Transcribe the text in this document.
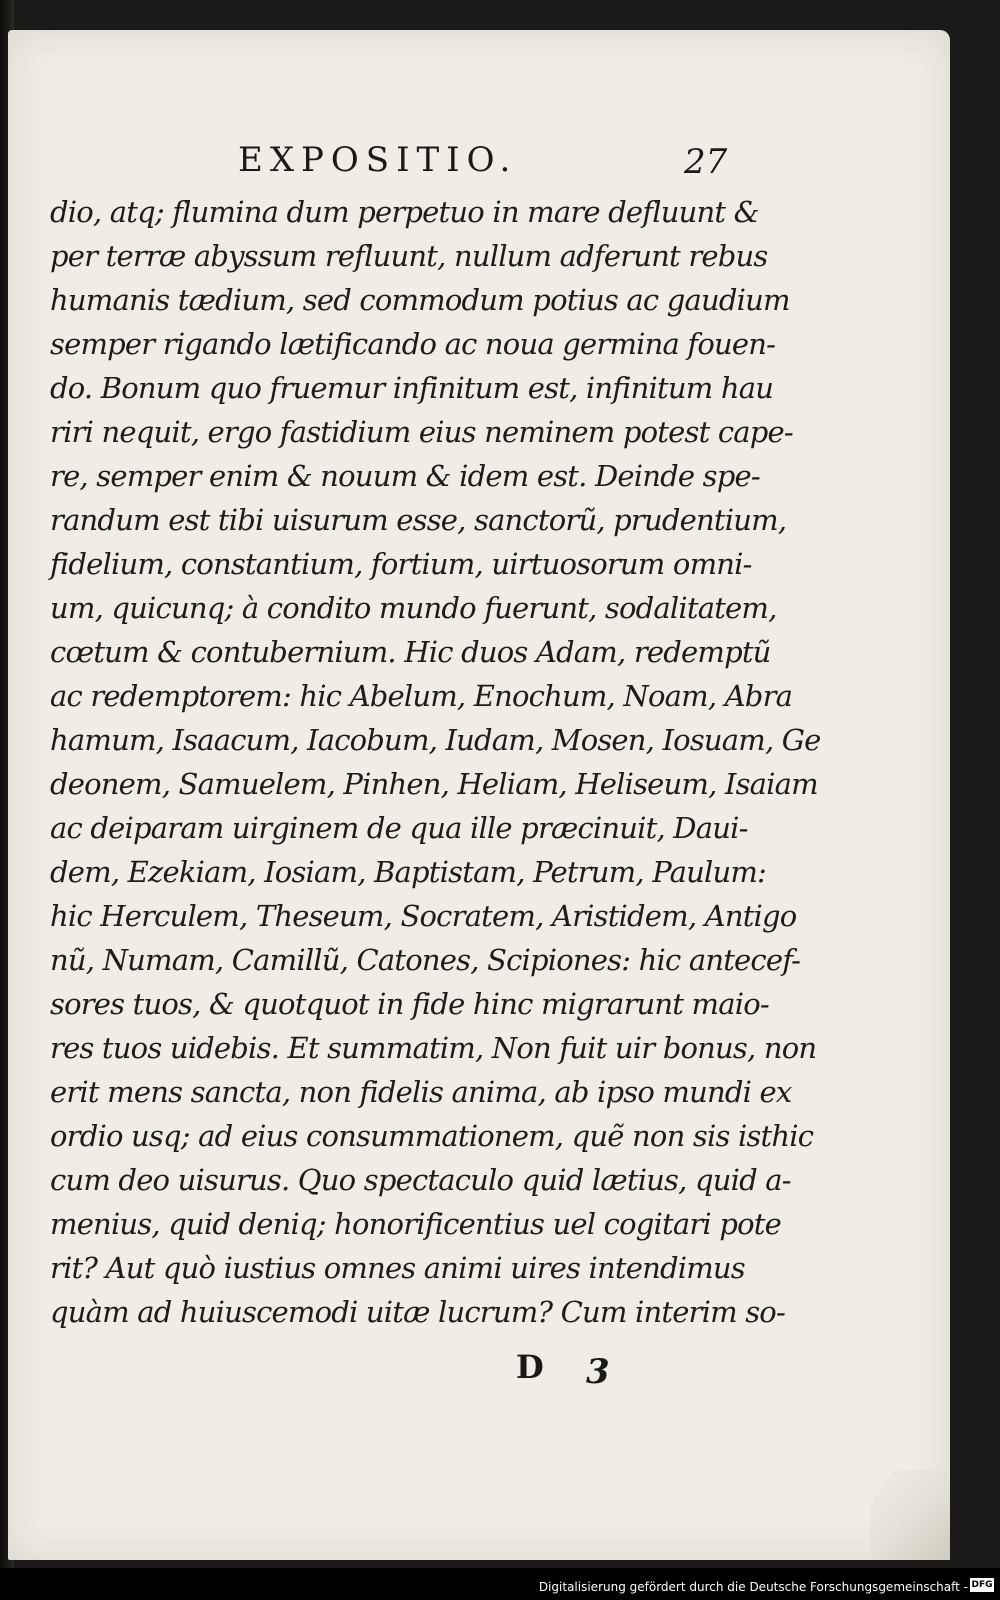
EXPOSITIO.	27
dio, atq; flumina dum perpetuo in mare defluunt &
per terræ abyssum refluunt, nullum adferunt rebus
humanis tædium, sed commodum potius ac gaudium
semper rigando lætificando ac noua germina fouen-
do. Bonum quo fruemur infinitum est, infinitum hau
riri nequit, ergo fastidium eius neminem potest cape-
re, semper enim & nouum & idem est. Deinde spe-
randum est tibi uisurum esse, sanctorũ, prudentium,
fidelium, constantium, fortium, uirtuosorum omni-
um, quicunq; à condito mundo fuerunt, sodalitatem,
cœtum & contubernium. Hic duos Adam, redemptũ
ac redemptorem: hic Abelum, Enochum, Noam, Abra
hamum, Isaacum, Iacobum, Iudam, Mosen, Iosuam, Ge
deonem, Samuelem, Pinhen, Heliam, Heliseum, Isaiam
ac deiparam uirginem de qua ille præcinuit, Daui-
dem, Ezekiam, Iosiam, Baptistam, Petrum, Paulum:
hic Herculem, Theseum, Socratem, Aristidem, Antigo
nũ, Numam, Camillũ, Catones, Scipiones: hic antecef-
sores tuos, & quotquot in fide hinc migrarunt maio-
res tuos uidebis. Et summatim, Non fuit uir bonus, non
erit mens sancta, non fidelis anima, ab ipso mundi ex
ordio usq; ad eius consummationem, quẽ non sis isthic
cum deo uisurus. Quo spectaculo quid lætius, quid a-
menius, quid deniq; honorificentius uel cogitari pote
rit? Aut quò iustius omnes animi uires intendimus
quàm ad huiuscemodi uitæ lucrum? Cum interim so-
D 3
Digitalisierung gefördert durch die Deutsche Forschungsgemeinschaft - DFG
